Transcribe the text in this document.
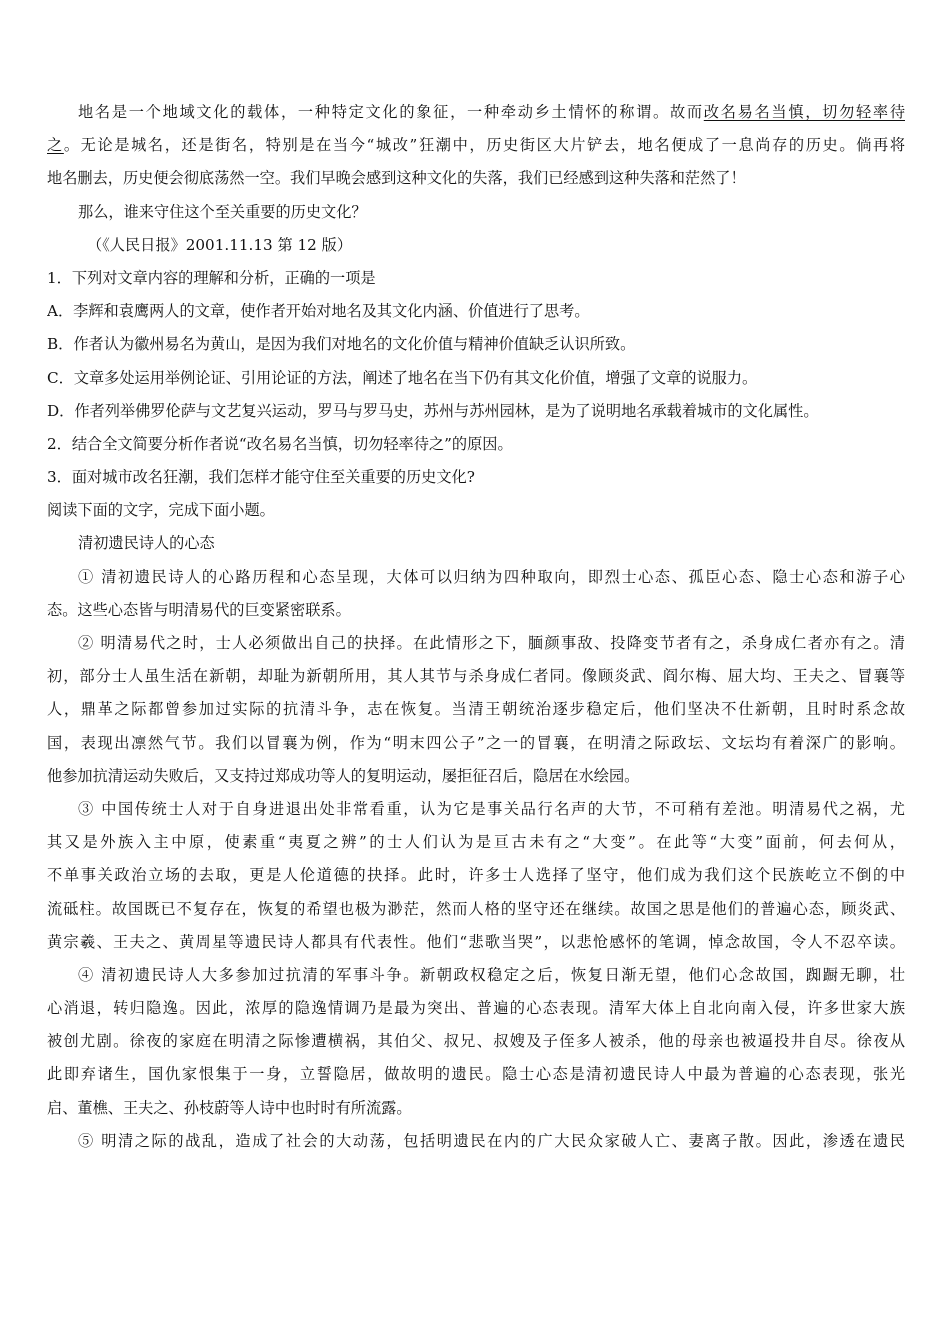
地名是一个地域文化的载体，一种特定文化的象征，一种牵动乡土情怀的称谓。故而改名易名当慎，切勿轻率待
之。无论是城名，还是街名，特别是在当今“城改”狂潮中，历史街区大片铲去，地名便成了一息尚存的历史。倘再将
地名删去，历史便会彻底荡然一空。我们早晚会感到这种文化的失落，我们已经感到这种失落和茫然了！
那么，谁来守住这个至关重要的历史文化？
（《人民日报》2001.11.13 第 12 版）
1．下列对文章内容的理解和分析，正确的一项是
A．李辉和袁鹰两人的文章，使作者开始对地名及其文化内涵、价值进行了思考。
B．作者认为徽州易名为黄山，是因为我们对地名的文化价值与精神价值缺乏认识所致。
C．文章多处运用举例论证、引用论证的方法，阐述了地名在当下仍有其文化价值，增强了文章的说服力。
D．作者列举佛罗伦萨与文艺复兴运动，罗马与罗马史，苏州与苏州园林，是为了说明地名承载着城市的文化属性。
2．结合全文简要分析作者说“改名易名当慎，切勿轻率待之”的原因。
3．面对城市改名狂潮，我们怎样才能守住至关重要的历史文化?
阅读下面的文字，完成下面小题。
清初遗民诗人的心态
① 清初遗民诗人的心路历程和心态呈现，大体可以归纳为四种取向，即烈士心态、孤臣心态、隐士心态和游子心
态。这些心态皆与明清易代的巨变紧密联系。
② 明清易代之时，士人必须做出自己的抉择。在此情形之下，腼颜事敌、投降变节者有之，杀身成仁者亦有之。清
初，部分士人虽生活在新朝，却耻为新朝所用，其人其节与杀身成仁者同。像顾炎武、阎尔梅、屈大均、王夫之、冒襄等
人，鼎革之际都曾参加过实际的抗清斗争，志在恢复。当清王朝统治逐步稳定后，他们坚决不仕新朝，且时时系念故
国，表现出凛然气节。我们以冒襄为例，作为“明末四公子”之一的冒襄，在明清之际政坛、文坛均有着深广的影响。
他参加抗清运动失败后，又支持过郑成功等人的复明运动，屡拒征召后，隐居在水绘园。
③ 中国传统士人对于自身进退出处非常看重，认为它是事关品行名声的大节，不可稍有差池。明清易代之祸，尤
其又是外族入主中原，使素重“夷夏之辨”的士人们认为是亘古未有之“大变”。在此等“大变”面前，何去何从，
不单事关政治立场的去取，更是人伦道德的抉择。此时，许多士人选择了坚守，他们成为我们这个民族屹立不倒的中
流砥柱。故国既已不复存在，恢复的希望也极为渺茫，然而人格的坚守还在继续。故国之思是他们的普遍心态，顾炎武、
黄宗羲、王夫之、黄周星等遗民诗人都具有代表性。他们“悲歌当哭”，以悲怆感怀的笔调，悼念故国，令人不忍卒读。
④ 清初遗民诗人大多参加过抗清的军事斗争。新朝政权稳定之后，恢复日渐无望，他们心念故国，踟蹰无聊，壮
心消退，转归隐逸。因此，浓厚的隐逸情调乃是最为突出、普遍的心态表现。清军大体上自北向南入侵，许多世家大族
被创尤剧。徐夜的家庭在明清之际惨遭横祸，其伯父、叔兄、叔嫂及子侄多人被杀，他的母亲也被逼投井自尽。徐夜从
此即弃诸生，国仇家恨集于一身，立誓隐居，做故明的遗民。隐士心态是清初遗民诗人中最为普遍的心态表现，张光
启、董樵、王夫之、孙枝蔚等人诗中也时时有所流露。
⑤ 明清之际的战乱，造成了社会的大动荡，包括明遗民在内的广大民众家破人亡、妻离子散。因此，渗透在遗民
